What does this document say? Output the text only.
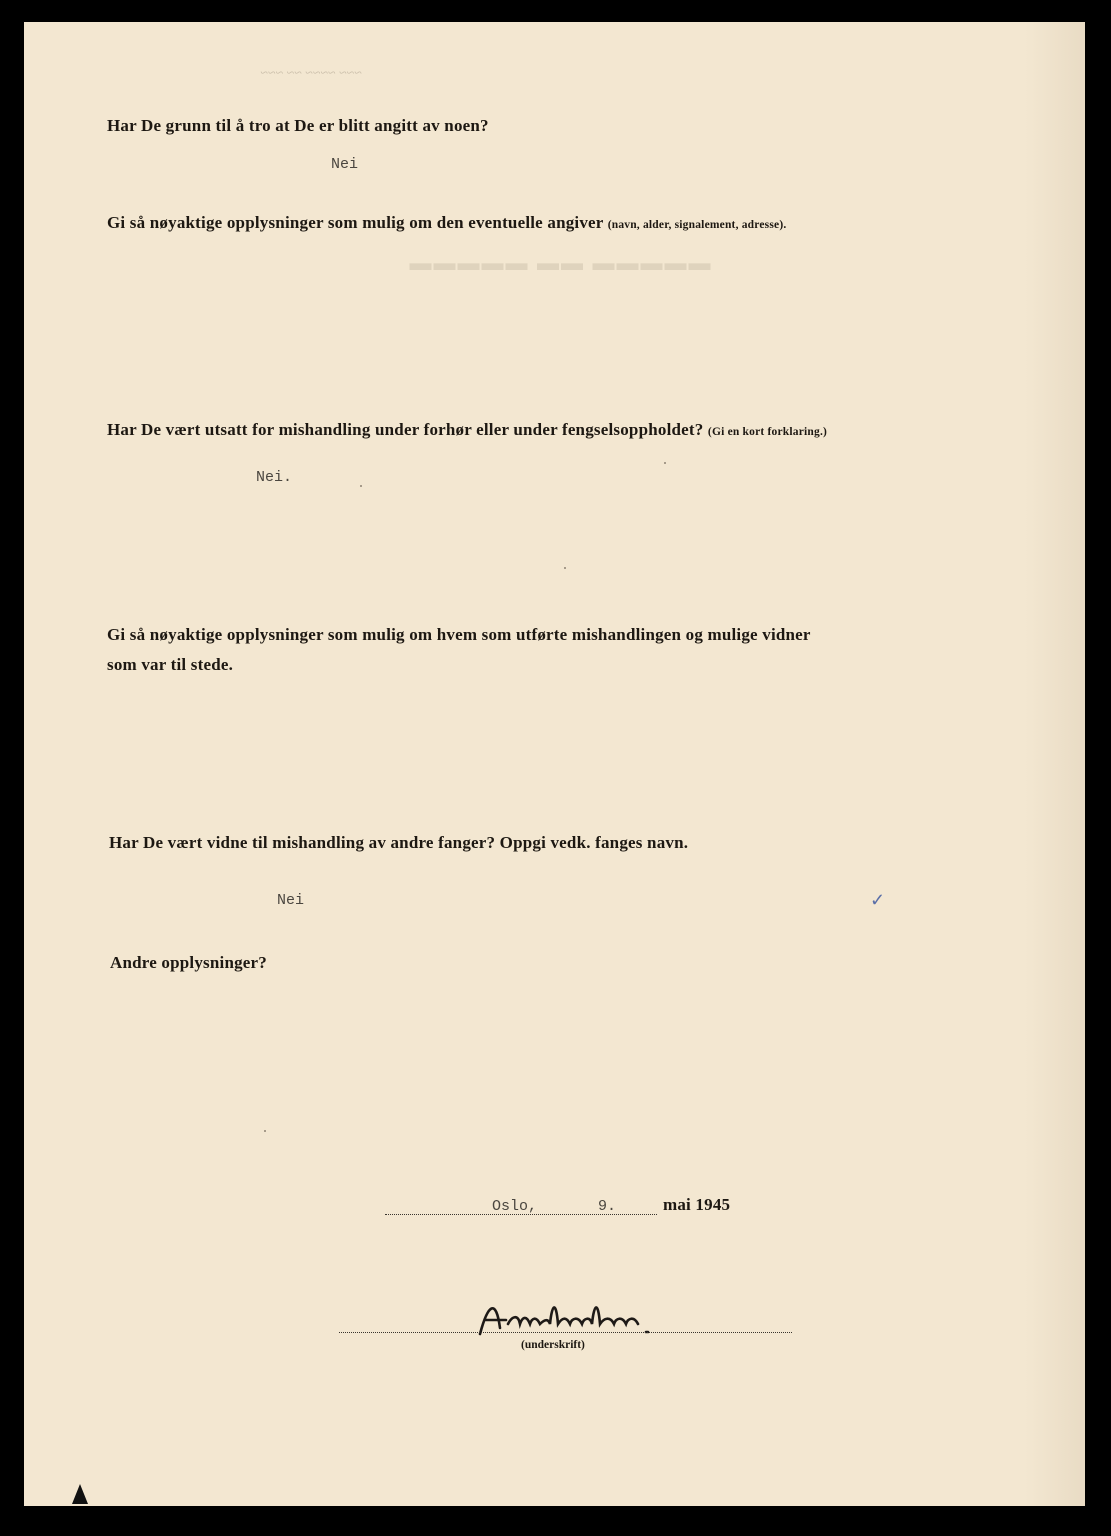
~~~ ~~~~ ~~ ~~~
▬▬▬▬▬ ▬▬ ▬▬▬▬▬

Har De grunn til å tro at De er blitt angitt av noen?

Nei

Gi så nøyaktige opplysninger som mulig om den eventuelle angiver (navn, alder, signalement, adresse).

Har De vært utsatt for mishandling under forhør eller under fengselsoppholdet? (Gi en kort forklaring.)

Nei.

Gi så nøyaktige opplysninger som mulig om hvem som utførte mishandlingen og mulige vidner

som var til stede.

Har De vært vidne til mishandling av andre fanger? Oppgi vedk. fanges navn.

Nei	✓

Andre opplysninger?

Oslo,	9.	mai 1945

(underskrift)
